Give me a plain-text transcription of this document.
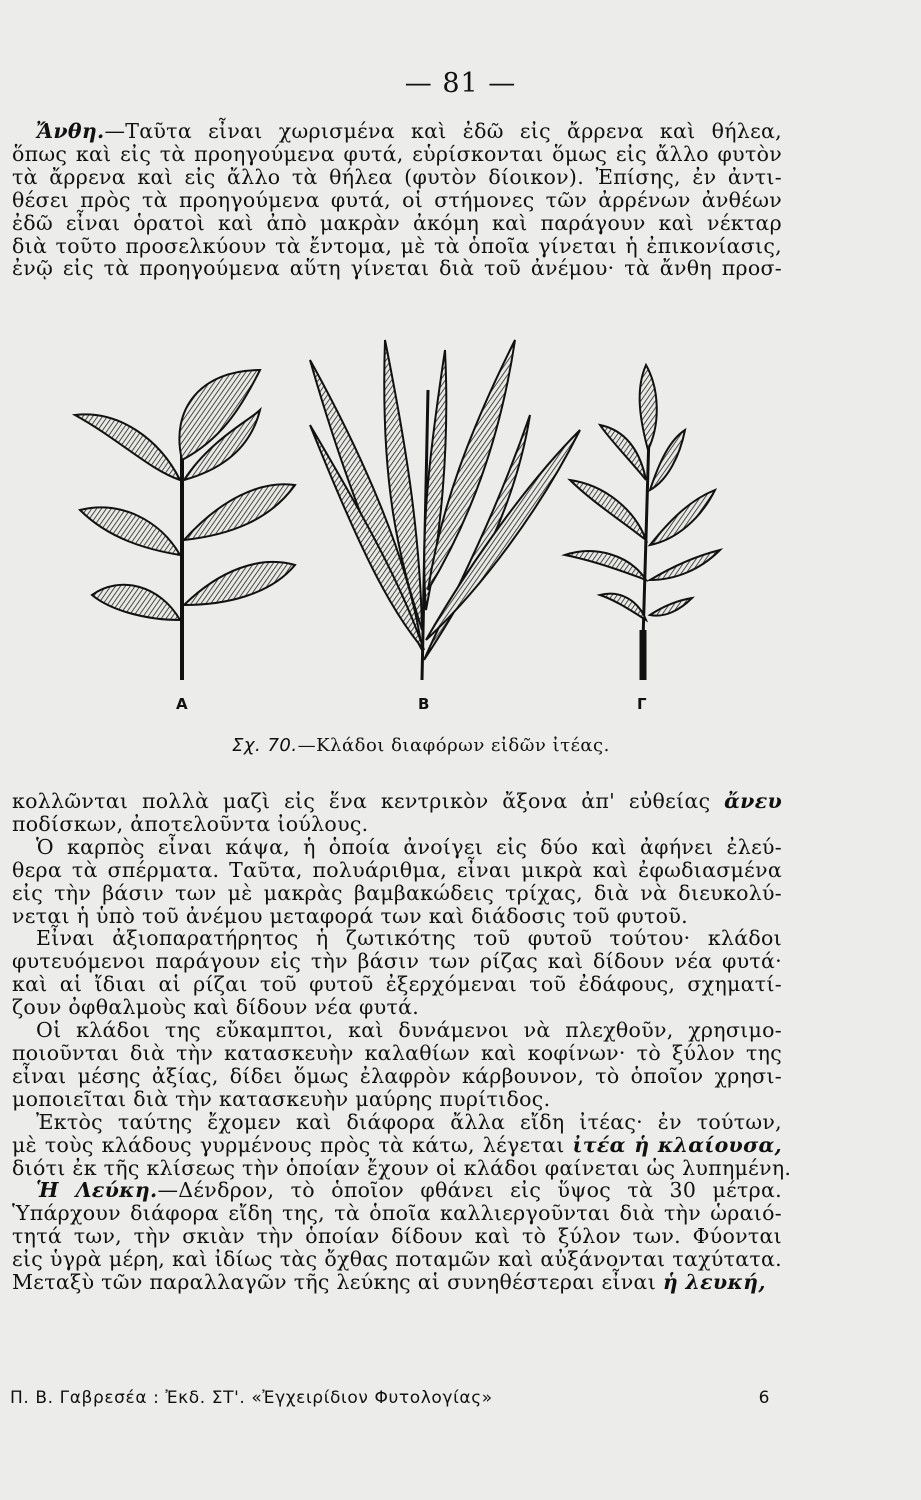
— 81 —
Ἄνθη.—Ταῦτα εἶναι χωρισμένα καὶ ἐδῶ εἰς ἄρρενα καὶ θήλεα,
ὅπως καὶ εἰς τὰ προηγούμενα φυτά, εὑρίσκονται ὅμως εἰς ἄλλο φυτὸν
τὰ ἄρρενα καὶ εἰς ἄλλο τὰ θήλεα (φυτὸν δίοικον). Ἐπίσης, ἐν ἀντι-
θέσει πρὸς τὰ προηγούμενα φυτά, οἱ στήμονες τῶν ἀρρένων ἀνθέων
ἐδῶ εἶναι ὁρατοὶ καὶ ἀπὸ μακρὰν ἀκόμη καὶ παράγουν καὶ νέκταρ
διὰ τοῦτο προσελκύουν τὰ ἔντομα, μὲ τὰ ὁποῖα γίνεται ἡ ἐπικονίασις,
ἐνῷ εἰς τὰ προηγούμενα αὕτη γίνεται διὰ τοῦ ἀνέμου· τὰ ἄνθη προσ-
Α	Β	Γ
Σχ. 70.—Κλάδοι διαφόρων εἰδῶν ἰτέας.
κολλῶνται πολλὰ μαζὶ εἰς ἕνα κεντρικὸν ἄξονα ἀπ' εὐθείας ἄνευ
ποδίσκων, ἀποτελοῦντα ἰούλους.
Ὁ καρπὸς εἶναι κάψα, ἡ ὁποία ἀνοίγει εἰς δύο καὶ ἀφήνει ἐλεύ-
θερα τὰ σπέρματα. Ταῦτα, πολυάριθμα, εἶναι μικρὰ καὶ ἐφωδιασμένα
εἰς τὴν βάσιν των μὲ μακρὰς βαμβακώδεις τρίχας, διὰ νὰ διευκολύ-
νεται ἡ ὑπὸ τοῦ ἀνέμου μεταφορά των καὶ διάδοσις τοῦ φυτοῦ.
Εἶναι ἀξιοπαρατήρητος ἡ ζωτικότης τοῦ φυτοῦ τούτου· κλάδοι
φυτευόμενοι παράγουν εἰς τὴν βάσιν των ρίζας καὶ δίδουν νέα φυτά·
καὶ αἱ ἴδιαι αἱ ρίζαι τοῦ φυτοῦ ἐξερχόμεναι τοῦ ἐδάφους, σχηματί-
ζουν ὀφθαλμοὺς καὶ δίδουν νέα φυτά.
Οἱ κλάδοι της εὔκαμπτοι, καὶ δυνάμενοι νὰ πλεχθοῦν, χρησιμο-
ποιοῦνται διὰ τὴν κατασκευὴν καλαθίων καὶ κοφίνων· τὸ ξύλον της
εἶναι μέσης ἀξίας, δίδει ὅμως ἐλαφρὸν κάρβουνον, τὸ ὁποῖον χρησι-
μοποιεῖται διὰ τὴν κατασκευὴν μαύρης πυρίτιδος.
Ἐκτὸς ταύτης ἔχομεν καὶ διάφορα ἄλλα εἴδη ἰτέας· ἐν τούτων,
μὲ τοὺς κλάδους γυρμένους πρὸς τὰ κάτω, λέγεται ἰτέα ἡ κλαίουσα,
διότι ἐκ τῆς κλίσεως τὴν ὁποίαν ἔχουν οἱ κλάδοι φαίνεται ὡς λυπημένη.
Ἡ Λεύκη.—Δένδρον, τὸ ὁποῖον φθάνει εἰς ὕψος τὰ 30 μέτρα.
Ὑπάρχουν διάφορα εἴδη της, τὰ ὁποῖα καλλιεργοῦνται διὰ τὴν ὡραιό-
τητά των, τὴν σκιὰν τὴν ὁποίαν δίδουν καὶ τὸ ξύλον των. Φύονται
εἰς ὑγρὰ μέρη, καὶ ἰδίως τὰς ὄχθας ποταμῶν καὶ αὐξάνονται ταχύτατα.
Μεταξὺ τῶν παραλλαγῶν τῆς λεύκης αἱ συνηθέστεραι εἶναι ἡ λευκή,
Π. Β. Γαβρεσέα : Ἐκδ. ΣΤ'. «Ἐγχειρίδιον Φυτολογίας»	6
